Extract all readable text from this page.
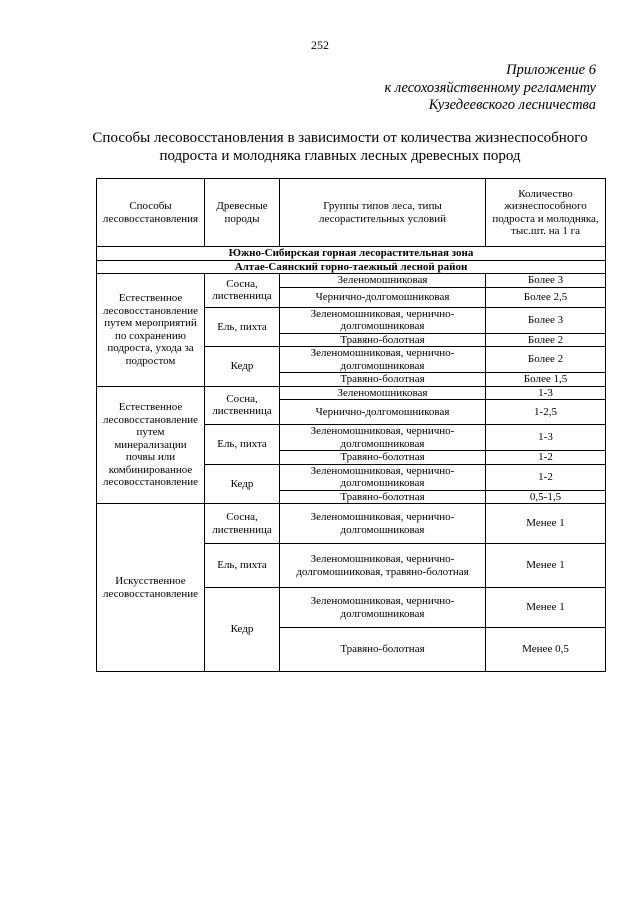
252
Приложение 6
к лесохозяйственному регламенту
Кузедеевского лесничества
Способы лесовосстановления в зависимости от количества жизнеспособного
подроста и молодняка главных лесных древесных пород
Способы лесовосстановления	Древесные породы	Группы типов леса, типы лесорастительных условий	Количество жизнеспособного подроста и молодняка, тыс.шт. на 1 га
Южно-Сибирская горная лесорастительная зона			
Алтае-Саянский горно-таежный лесной район			
Естественное лесовосстановление путем мероприятий по сохранению подроста, ухода за подростом	Сосна, лиственница	Зеленомошниковая	Более 3
		Чернично-долгомошниковая	Более 2,5
	Ель, пихта	Зеленомошниковая, чернично-долгомошниковая	Более 3
		Травяно-болотная	Более 2
	Кедр	Зеленомошниковая, чернично-долгомошниковая	Более 2
		Травяно-болотная	Более 1,5

Естественное лесовосстановление путем минерализации почвы или комбинированное лесовосстановление	Сосна, лиственница	Зеленомошниковая	1-3
		Чернично-долгомошниковая	1-2,5
	Ель, пихта	Зеленомошниковая, чернично-долгомошниковая	1-3
		Травяно-болотная	1-2
	Кедр	Зеленомошниковая, чернично-долгомошниковая	1-2
		Травяно-болотная	0,5-1,5
Искусственное лесовосстановление	Сосна, лиственница	Зеленомошниковая, чернично-долгомошниковая	Менее 1
	Ель, пихта	Зеленомошниковая, чернично-долгомошниковая, травяно-болотная	Менее 1
	Кедр	Зеленомошниковая, чернично-долгомошниковая	Менее 1
		Травяно-болотная	Менее 0,5
